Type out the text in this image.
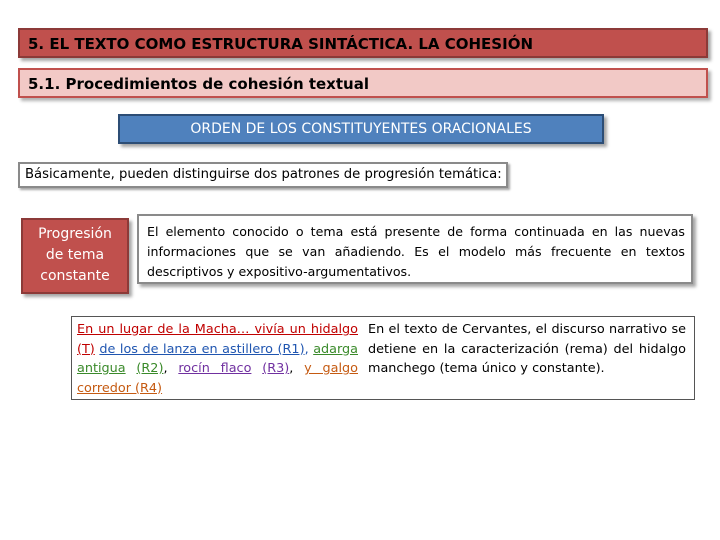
5. EL TEXTO COMO ESTRUCTURA SINTÁCTICA. LA COHESIÓN
5.1. Procedimientos de cohesión textual
ORDEN DE LOS CONSTITUYENTES ORACIONALES
Básicamente, pueden distinguirse dos patrones de progresión temática:
Progresión
de tema
constante
El elemento conocido o tema está presente de forma continuada en las nuevas informaciones que se van añadiendo. Es el modelo más frecuente en textos descriptivos y expositivo-argumentativos.
En un lugar de la Macha… vivía un hidalgo (T) de los de lanza en astillero (R1), adarga antigua (R2), rocín flaco (R3), y galgo corredor (R4)
En el texto de Cervantes, el discurso narrativo se detiene en la caracterización (rema) del hidalgo manchego (tema único y constante).
